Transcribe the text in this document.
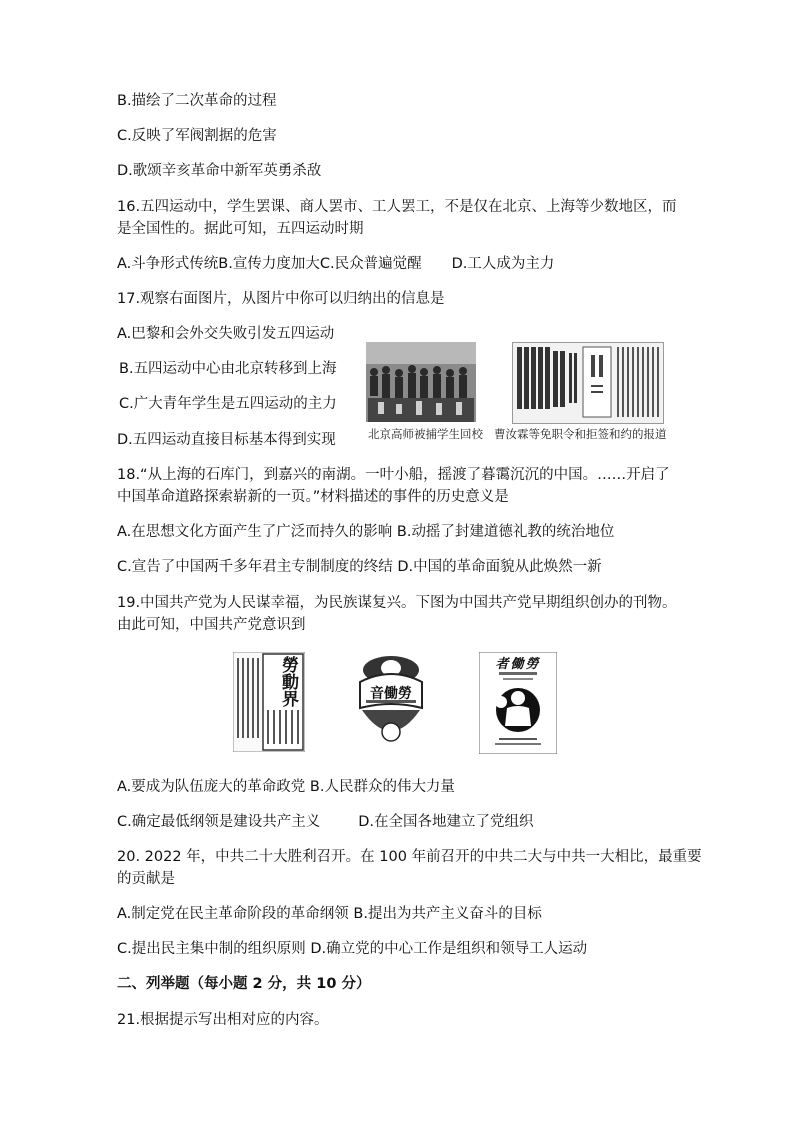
B.描绘了二次革命的过程
C.反映了军阀割据的危害
D.歌颂辛亥革命中新军英勇杀敌
16.五四运动中，学生罢课、商人罢市、工人罢工，不是仅在北京、上海等少数地区，而
是全国性的。据此可知，五四运动时期
A.斗争形式传统B.宣传力度加大C.民众普遍觉醒 D.工人成为主力
17.观察右面图片，从图片中你可以归纳出的信息是
A.巴黎和会外交失败引发五四运动
B.五四运动中心由北京转移到上海
C.广大青年学生是五四运动的主力
D.五四运动直接目标基本得到实现	北京高师被捕学生回校 曹汝霖等免职令和拒签和约的报道
18.“从上海的石库门，到嘉兴的南湖。一叶小船，摇渡了暮霭沉沉的中国。……开启了
中国革命道路探索崭新的一页。”材料描述的事件的历史意义是
A.在思想文化方面产生了广泛而持久的影响 B.动摇了封建道德礼教的统治地位
C.宣告了中国两千多年君主专制制度的终结 D.中国的革命面貌从此焕然一新
19.中国共产党为人民谋幸福，为民族谋复兴。下图为中国共产党早期组织创办的刊物。
由此可知，中国共产党意识到
勞動界	勞働音
勞働者
A.要成为队伍庞大的革命政党 B.人民群众的伟大力量
C.确定最低纲领是建设共产主义	D.在全国各地建立了党组织
20. 2022 年，中共二十大胜利召开。在 100 年前召开的中共二大与中共一大相比，最重要
的贡献是
A.制定党在民主革命阶段的革命纲领 B.提出为共产主义奋斗的目标
C.提出民主集中制的组织原则 D.确立党的中心工作是组织和领导工人运动
二、列举题（每小题 2 分，共 10 分）
21.根据提示写出相对应的内容。
